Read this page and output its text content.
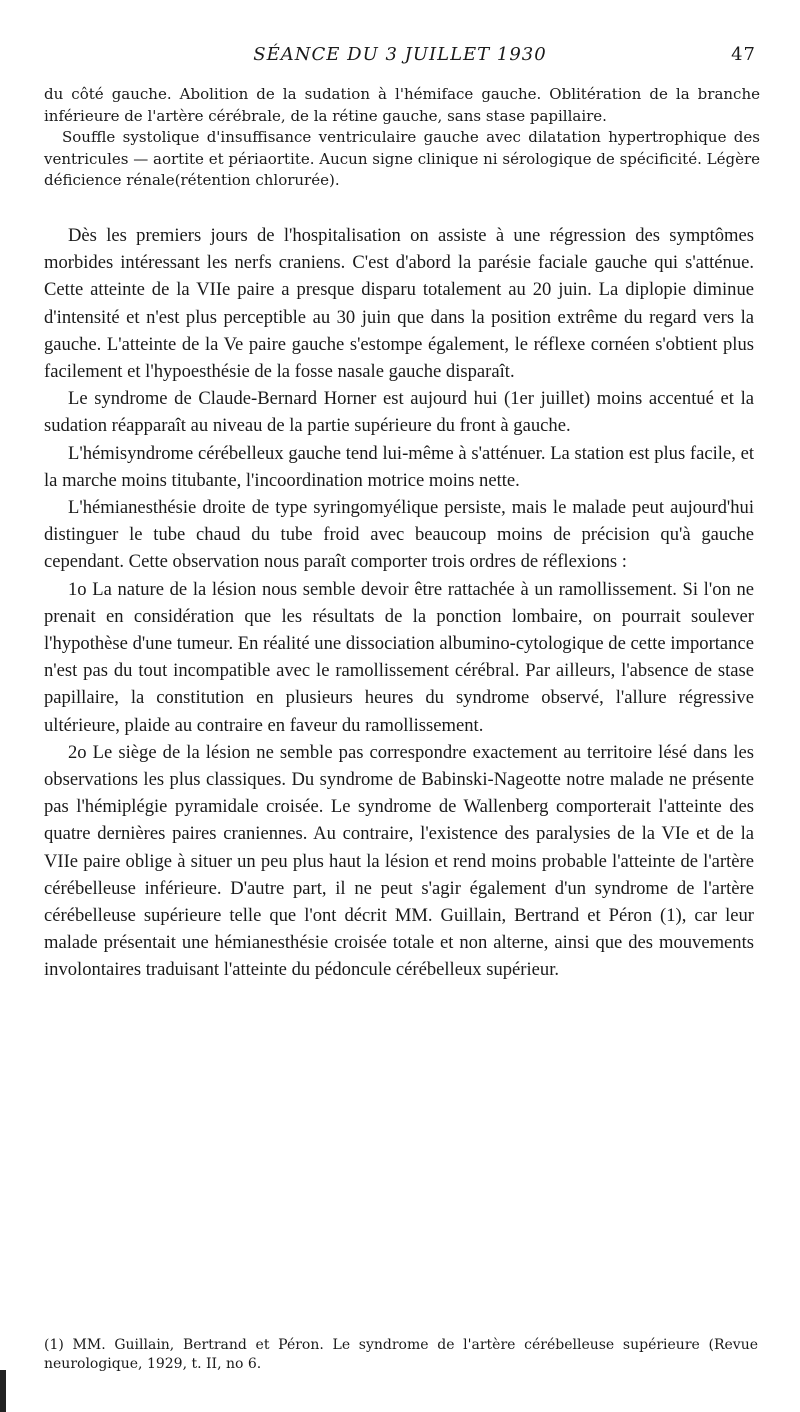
SÉANCE DU 3 JUILLET 1930	47

du côté gauche. Abolition de la sudation à l'hémiface gauche. Oblitération de la branche inférieure de l'artère cérébrale, de la rétine gauche, sans stase papillaire.

Souffle systolique d'insuffisance ventriculaire gauche avec dilatation hypertrophique des ventricules — aortite et périaortite. Aucun signe clinique ni sérologique de spécificité. Légère déficience rénale(rétention chlorurée).

Dès les premiers jours de l'hospitalisation on assiste à une régression des symptômes morbides intéressant les nerfs craniens. C'est d'abord la parésie faciale gauche qui s'atténue. Cette atteinte de la VIIe paire a presque disparu totalement au 20 juin. La diplopie diminue d'intensité et n'est plus perceptible au 30 juin que dans la position extrême du regard vers la gauche. L'atteinte de la Ve paire gauche s'estompe également, le réflexe cornéen s'obtient plus facilement et l'hypoesthésie de la fosse nasale gauche disparaît.

Le syndrome de Claude-Bernard Horner est aujourd hui (1er juillet) moins accentué et la sudation réapparaît au niveau de la partie supérieure du front à gauche.

L'hémisyndrome cérébelleux gauche tend lui-même à s'atténuer. La station est plus facile, et la marche moins titubante, l'incoordination motrice moins nette.

L'hémianesthésie droite de type syringomyélique persiste, mais le malade peut aujourd'hui distinguer le tube chaud du tube froid avec beaucoup moins de précision qu'à gauche cependant. Cette observation nous paraît comporter trois ordres de réflexions :

1o La nature de la lésion nous semble devoir être rattachée à un ramollissement. Si l'on ne prenait en considération que les résultats de la ponction lombaire, on pourrait soulever l'hypothèse d'une tumeur. En réalité une dissociation albumino-cytologique de cette importance n'est pas du tout incompatible avec le ramollissement cérébral. Par ailleurs, l'absence de stase papillaire, la constitution en plusieurs heures du syndrome observé, l'allure régressive ultérieure, plaide au contraire en faveur du ramollissement.

2o Le siège de la lésion ne semble pas correspondre exactement au territoire lésé dans les observations les plus classiques. Du syndrome de Babinski-Nageotte notre malade ne présente pas l'hémiplégie pyramidale croisée. Le syndrome de Wallenberg comporterait l'atteinte des quatre dernières paires craniennes. Au contraire, l'existence des paralysies de la VIe et de la VIIe paire oblige à situer un peu plus haut la lésion et rend moins probable l'atteinte de l'artère cérébelleuse inférieure. D'autre part, il ne peut s'agir également d'un syndrome de l'artère cérébelleuse supérieure telle que l'ont décrit MM. Guillain, Bertrand et Péron (1), car leur malade présentait une hémianesthésie croisée totale et non alterne, ainsi que des mouvements involontaires traduisant l'atteinte du pédoncule cérébelleux supérieur.

(1) MM. Guillain, Bertrand et Péron. Le syndrome de l'artère cérébelleuse supérieure (Revue neurologique, 1929, t. II, no 6.
